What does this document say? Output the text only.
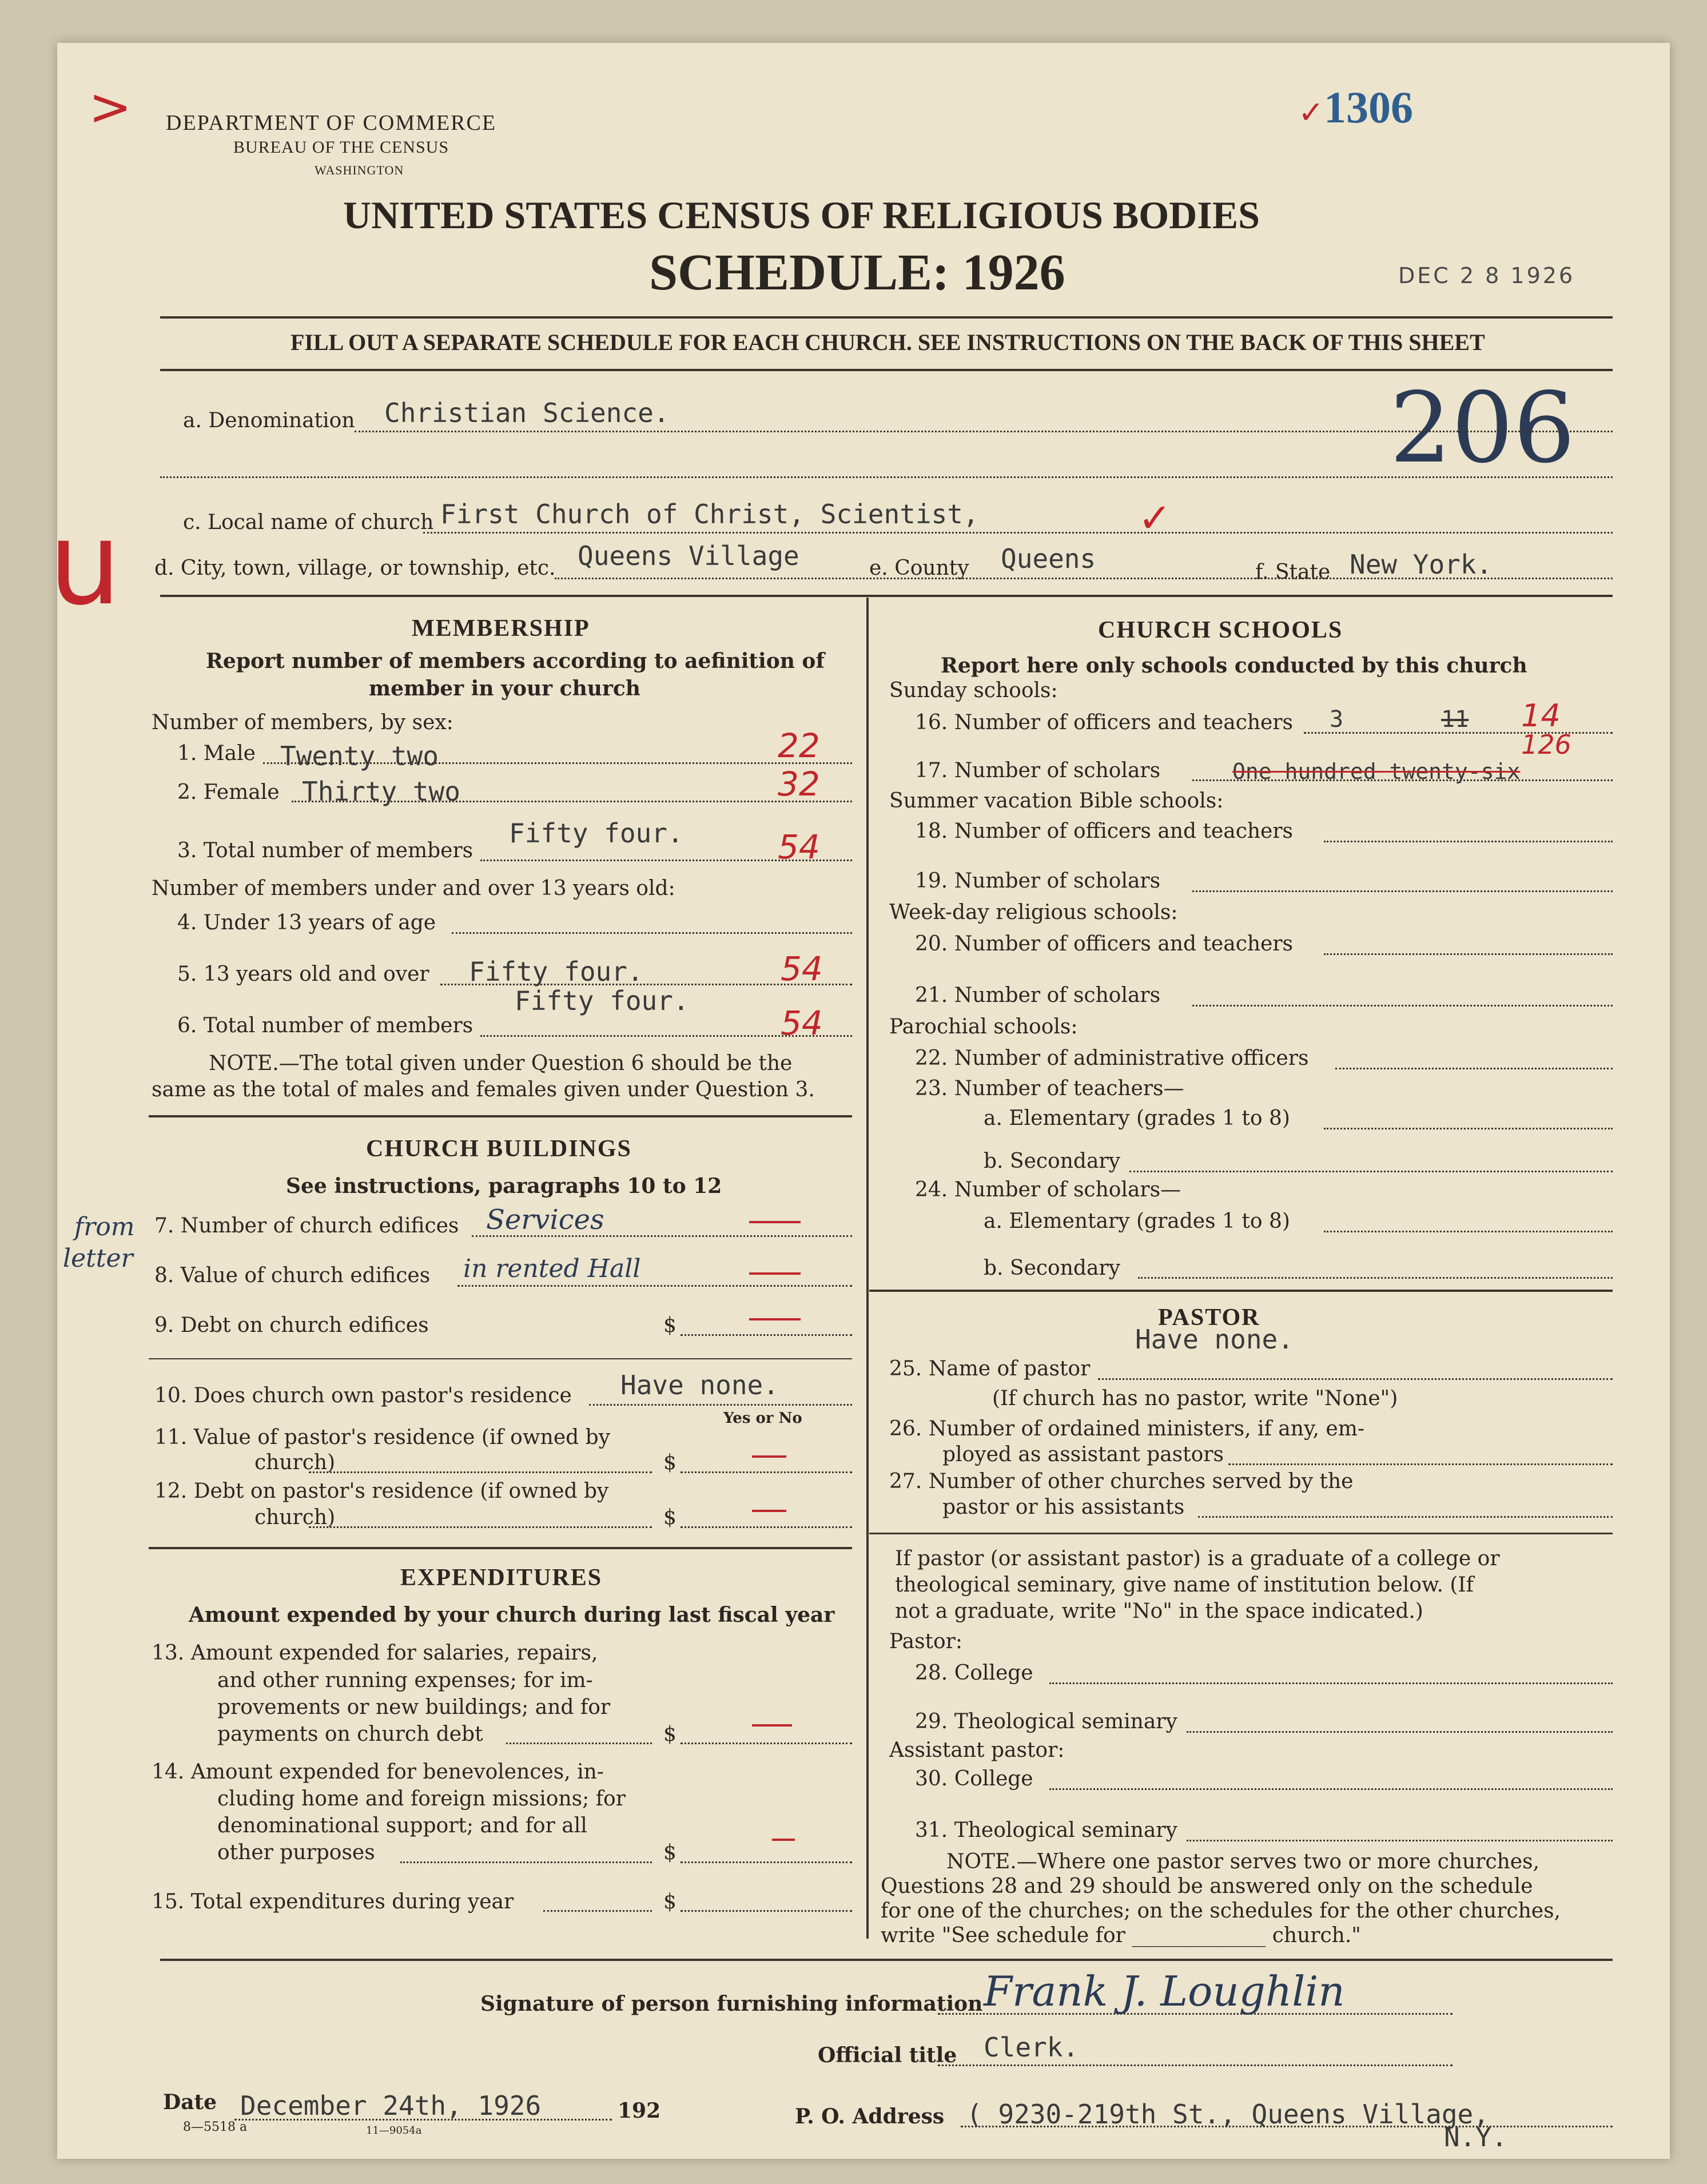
DEPARTMENT OF COMMERCE
BUREAU OF THE CENSUS
WASHINGTON
1306
✓
UNITED STATES CENSUS OF RELIGIOUS BODIES
SCHEDULE: 1926	DEC 2 8 1926
206
>
FILL OUT A SEPARATE SCHEDULE FOR EACH CHURCH. SEE INSTRUCTIONS ON THE BACK OF THIS SHEET
a. Denomination Christian Science.
u	c. Local name of church First Church of Christ, Scientist,	✓
d. City, town, village, or township, etc. Queens Village	e. County Queens	f. State New York.
MEMBERSHIP
Report number of members according to aefinition of
member in your church
Number of members, by sex:
1. Male Twenty two	22
2. Female Thirty two	32
3. Total number of members
Fifty four.	54
Number of members under and over 13 years old:
4. Under 13 years of age
5. 13 years old and over Fifty four.	54
Fifty four.
6. Total number of members	54
NOTE.—The total given under Question 6 should be the
same as the total of males and females given under Question 3.
CHURCH BUILDINGS
See instructions, paragraphs 10 to 12
from
letter
7. Number of church edifices Services
8. Value of church edifices in rented Hall
9. Debt on church edifices	$
10. Does church own pastor's residence Have none.
Yes or No
11. Value of pastor's residence (if owned by
church)	$
12. Debt on pastor's residence (if owned by
church)	$
EXPENDITURES
Amount expended by your church during last fiscal year
13. Amount expended for salaries, repairs,
and other running expenses; for im-
provements or new buildings; and for
payments on church debt	$
14. Amount expended for benevolences, in-
cluding home and foreign missions; for
denominational support; and for all
other purposes	$
15. Total expenditures during year	$
CHURCH SCHOOLS
Report here only schools conducted by this church
Sunday schools:
16. Number of officers and teachers 3	11 14
126
17. Number of scholars	One hundred twenty-six
Summer vacation Bible schools:
18. Number of officers and teachers
19. Number of scholars
Week-day religious schools:
20. Number of officers and teachers
21. Number of scholars
Parochial schools:
22. Number of administrative officers
23. Number of teachers—
a. Elementary (grades 1 to 8)
b. Secondary
24. Number of scholars—
a. Elementary (grades 1 to 8)
b. Secondary
PASTOR
Have none.
25. Name of pastor
(If church has no pastor, write "None")
26. Number of ordained ministers, if any, em-
ployed as assistant pastors
27. Number of other churches served by the
pastor or his assistants
If pastor (or assistant pastor) is a graduate of a college or
theological seminary, give name of institution below. (If
not a graduate, write "No" in the space indicated.)
Pastor:
28. College
29. Theological seminary
Assistant pastor:
30. College
31. Theological seminary
NOTE.—Where one pastor serves two or more churches,
Questions 28 and 29 should be answered only on the schedule
for one of the churches; on the schedules for the other churches,
write "See schedule for _____________ church."
Signature of person furnishing information Frank J. Loughlin
Official title Clerk.
Date December 24th, 1926	192
8—5518 a	11—9054a
P. O. Address ( 9230-219th St., Queens Village,
N.Y.
